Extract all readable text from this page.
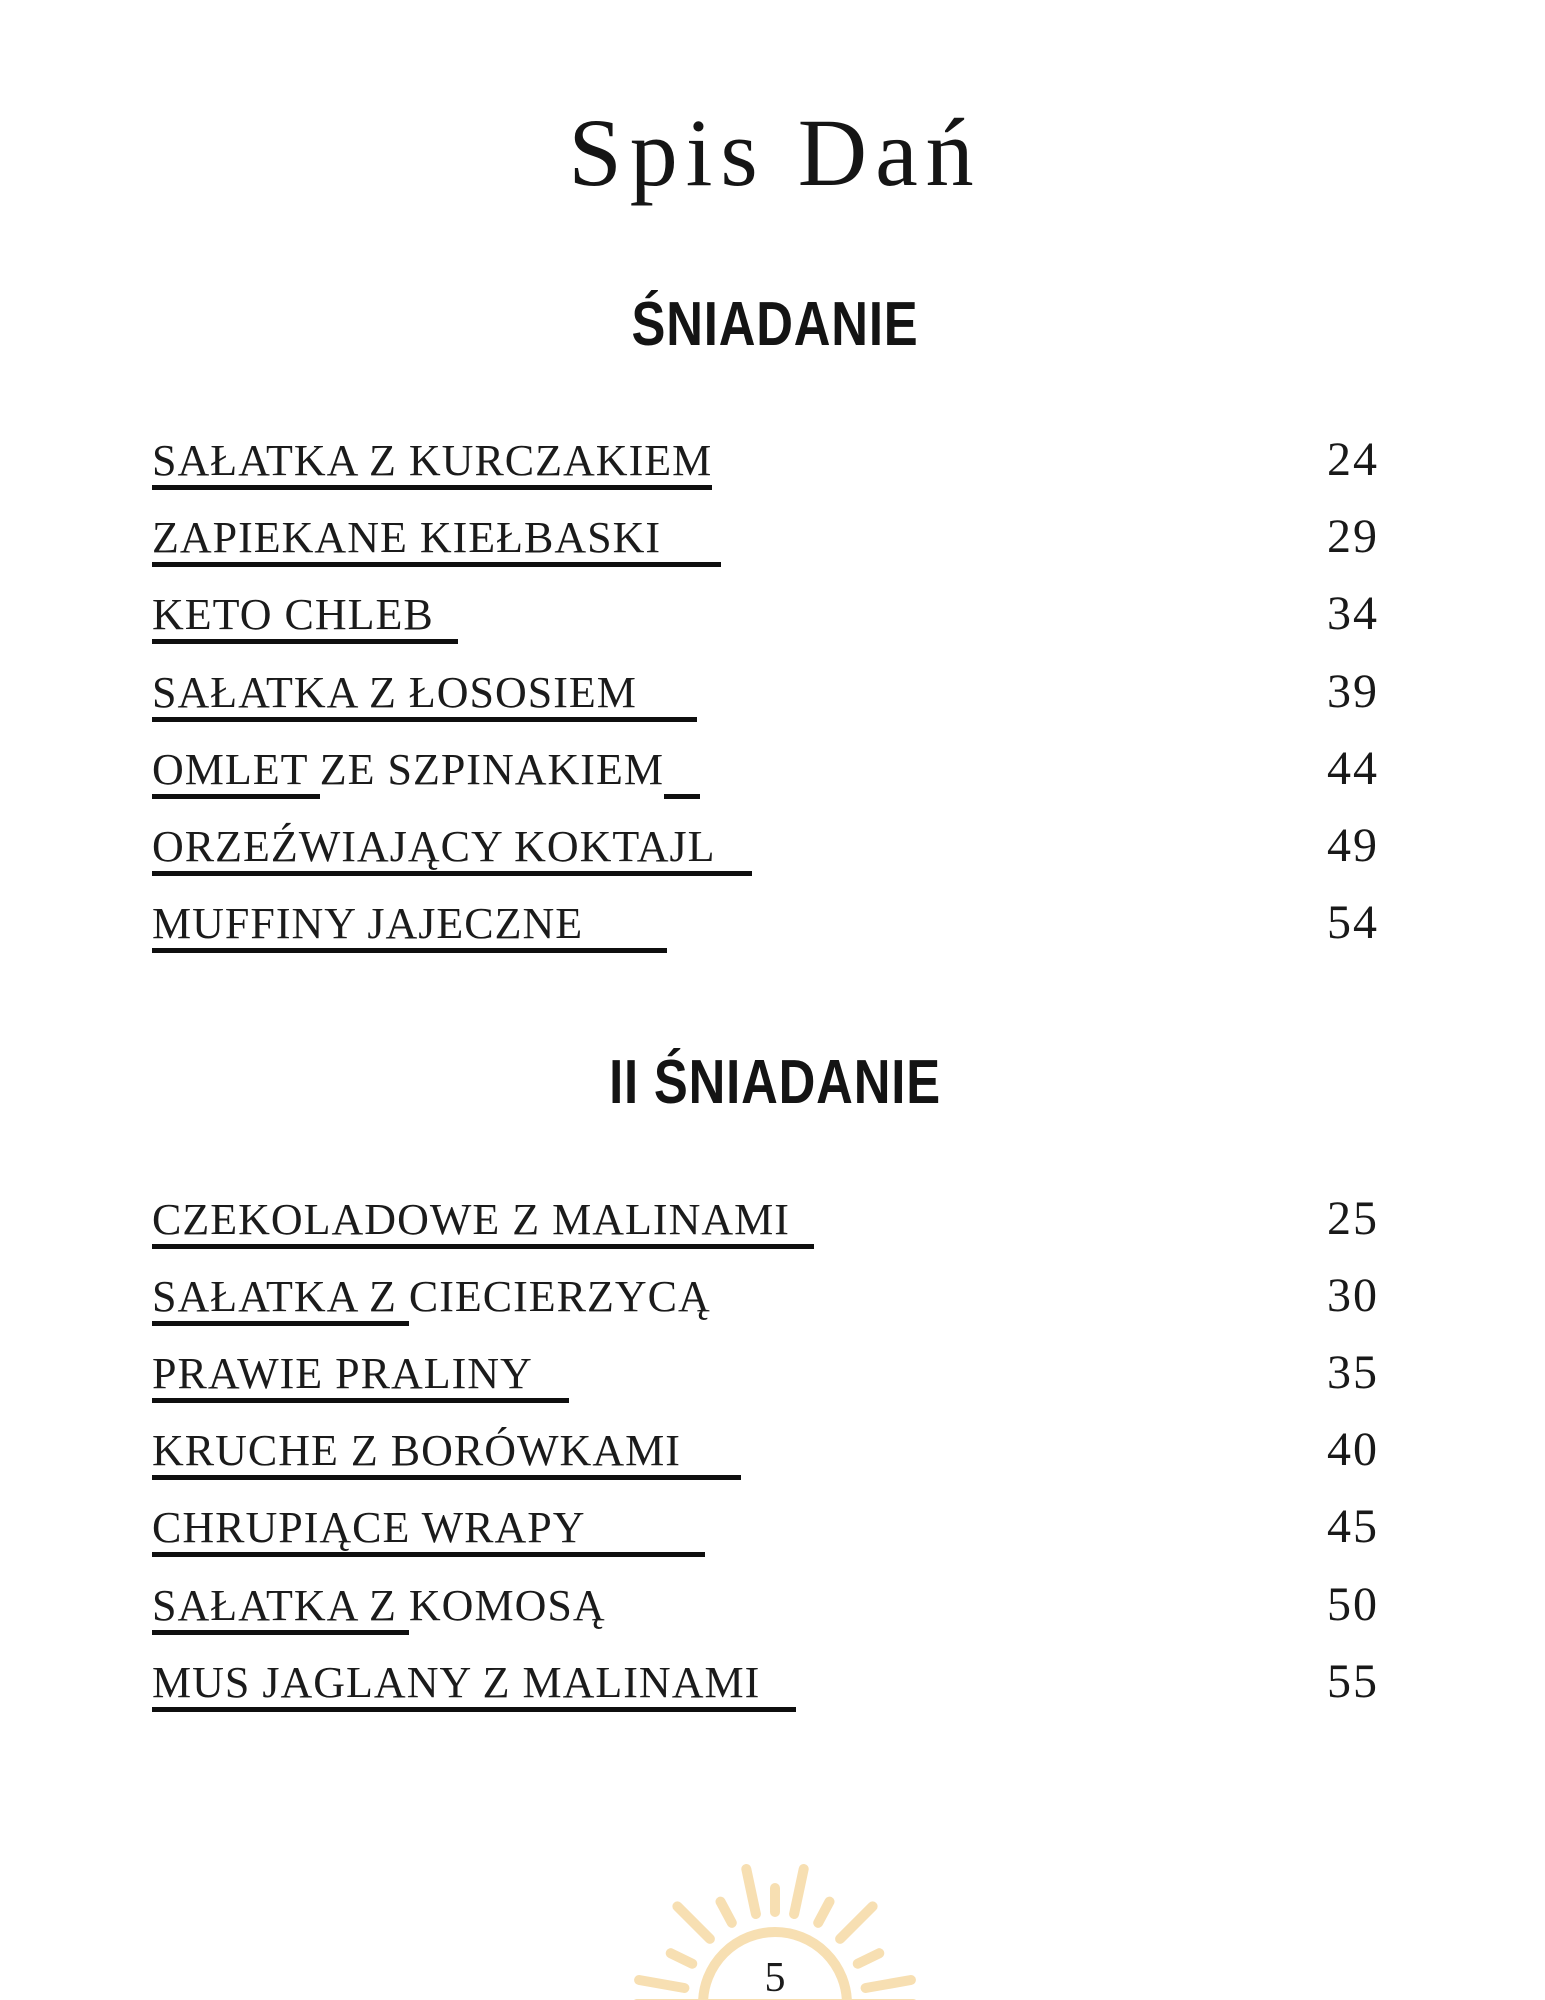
Spis Dań
ŚNIADANIE
SAŁATKA Z KURCZAKIEM	24
ZAPIEKANE KIEŁBASKI	29
KETO CHLEB	34
SAŁATKA Z ŁOSOSIEM	39
OMLET ZE SZPINAKIEM	44
ORZEŹWIAJĄCY KOKTAJL	49
MUFFINY JAJECZNE	54
II ŚNIADANIE
CZEKOLADOWE Z MALINAMI	25
SAŁATKA Z CIECIERZYCĄ	30
PRAWIE PRALINY	35
KRUCHE Z BORÓWKAMI	40
CHRUPIĄCE WRAPY	45
SAŁATKA Z KOMOSĄ	50
MUS JAGLANY Z MALINAMI	55
5
